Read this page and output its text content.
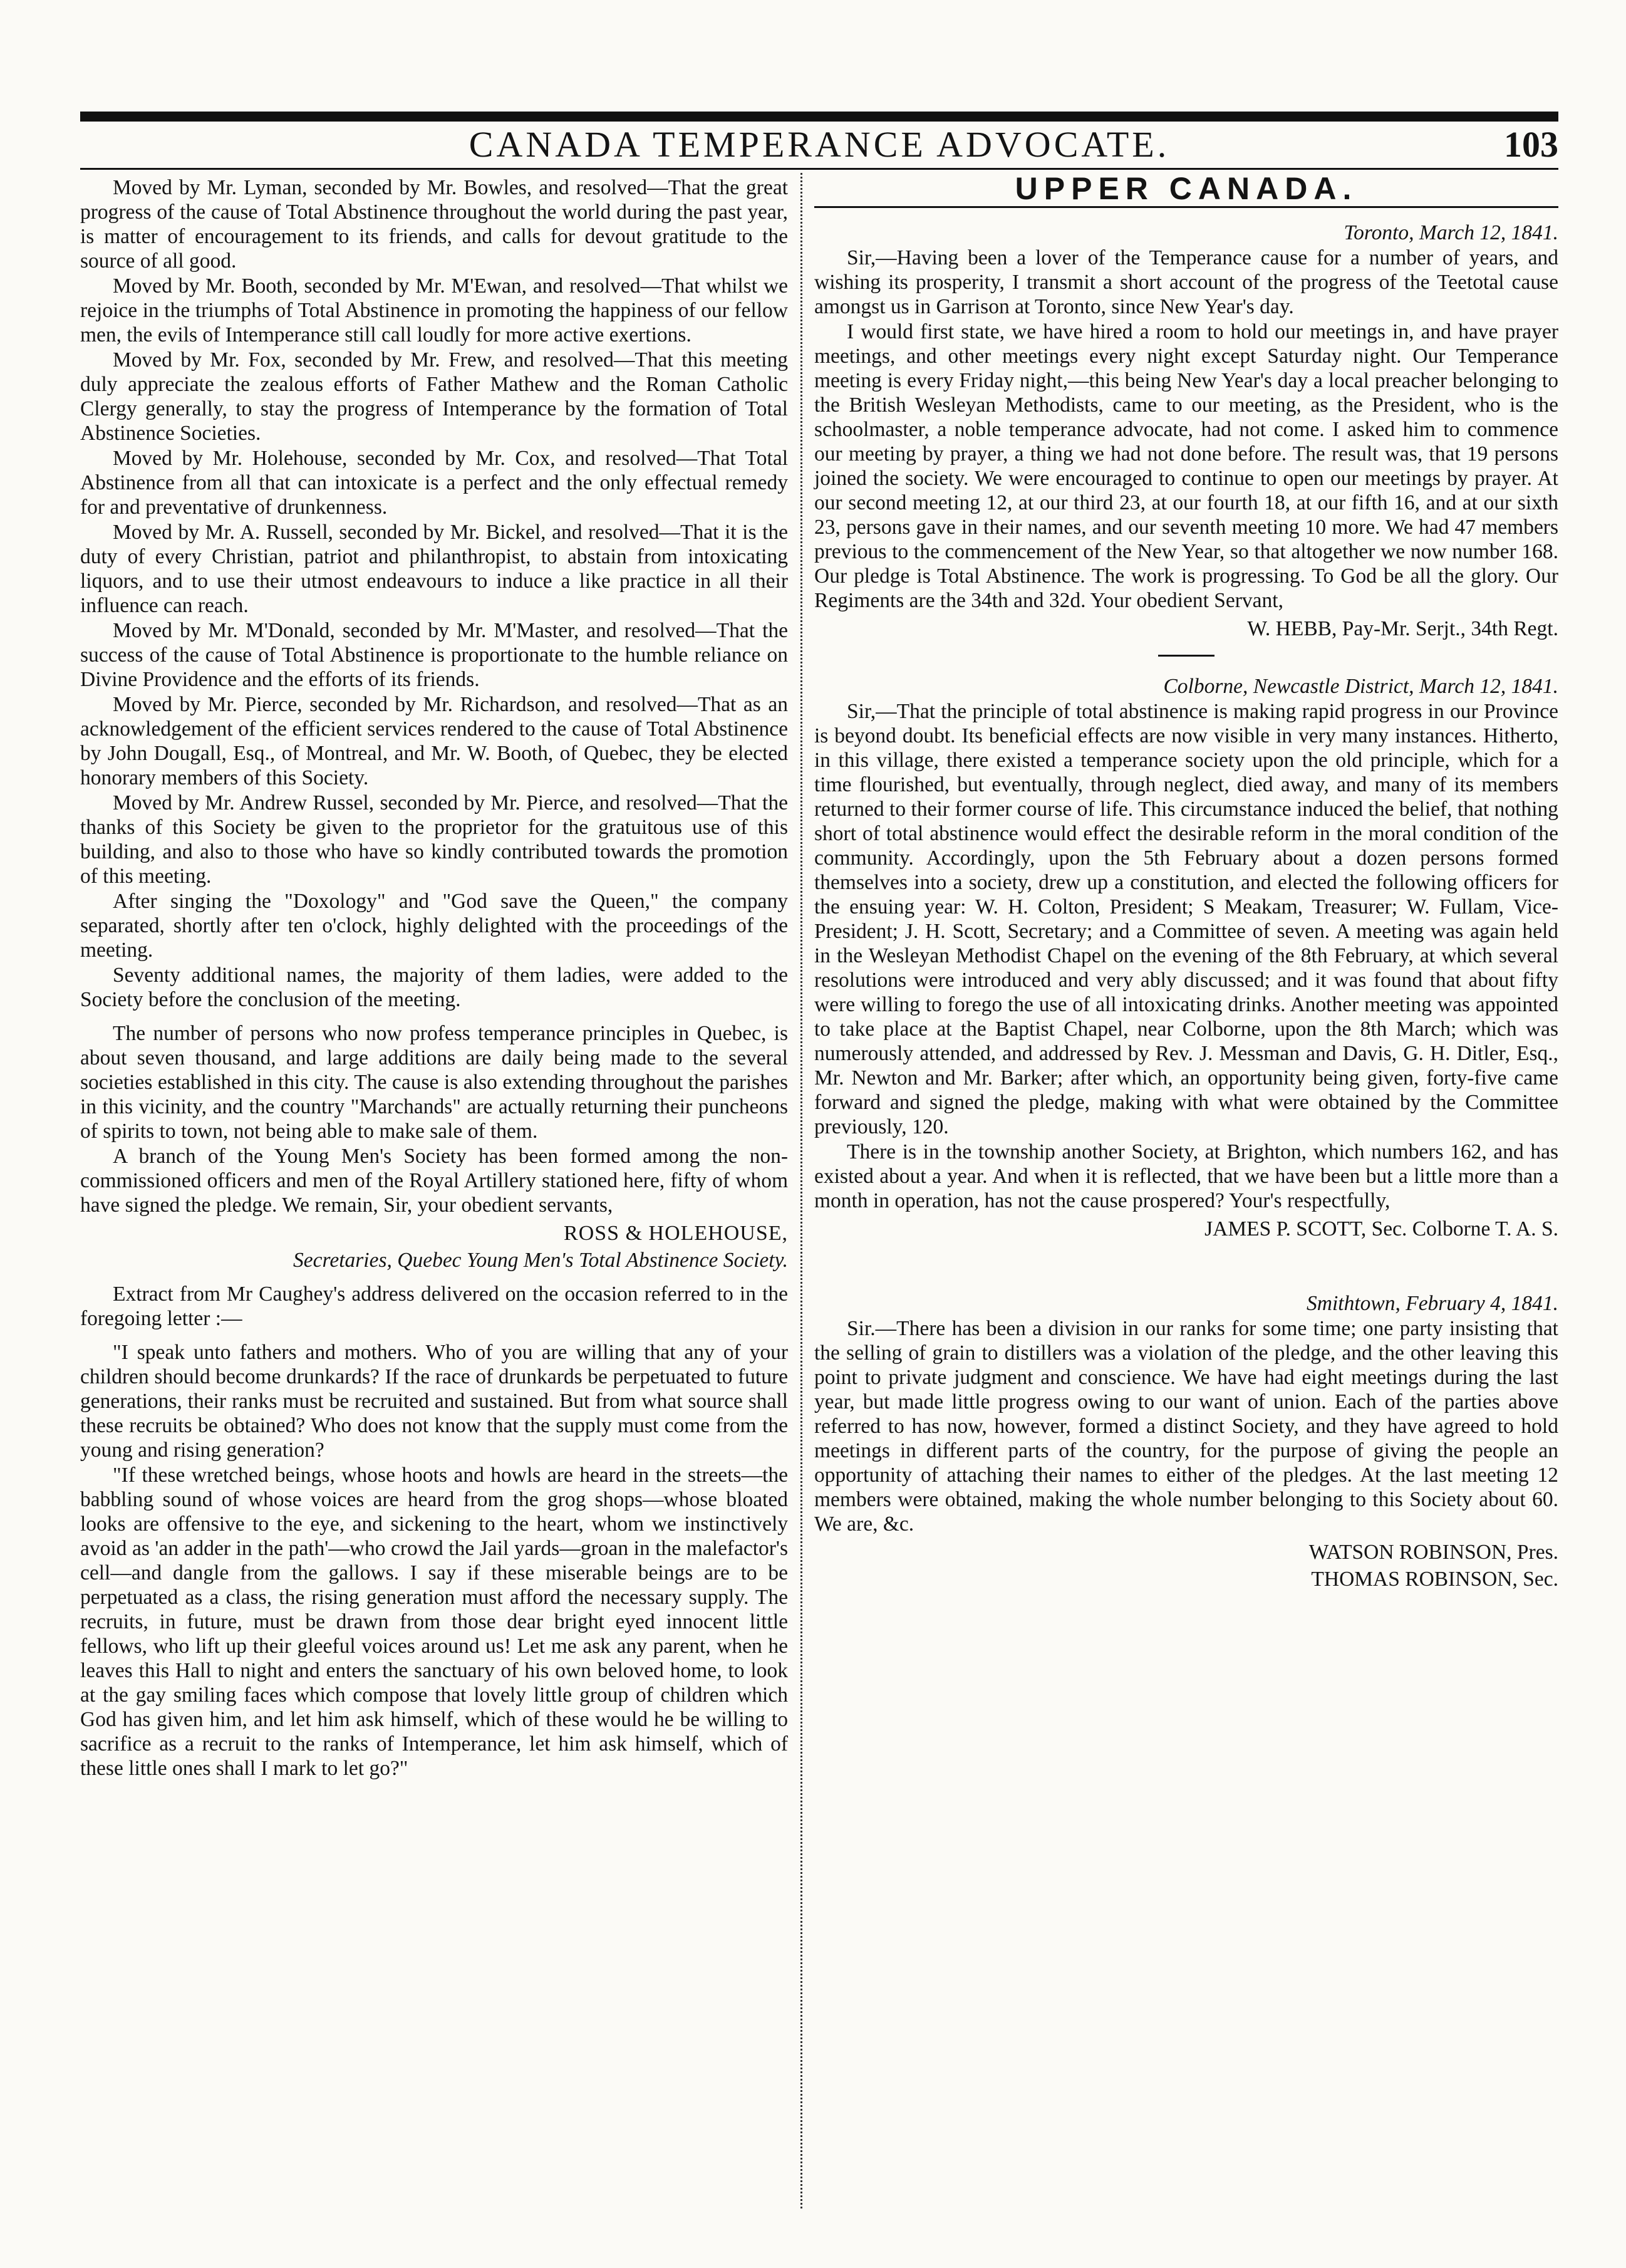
CANADA TEMPERANCE ADVOCATE.	103

Moved by Mr. Lyman, seconded by Mr. Bowles, and resolved—That the great progress of the cause of Total Abstinence throughout the world during the past year, is matter of encouragement to its friends, and calls for devout gratitude to the source of all good.

Moved by Mr. Booth, seconded by Mr. M'Ewan, and resolved—That whilst we rejoice in the triumphs of Total Abstinence in promoting the happiness of our fellow men, the evils of Intemperance still call loudly for more active exertions.

Moved by Mr. Fox, seconded by Mr. Frew, and resolved—That this meeting duly appreciate the zealous efforts of Father Mathew and the Roman Catholic Clergy generally, to stay the progress of Intemperance by the formation of Total Abstinence Societies.

Moved by Mr. Holehouse, seconded by Mr. Cox, and resolved—That Total Abstinence from all that can intoxicate is a perfect and the only effectual remedy for and preventative of drunkenness.

Moved by Mr. A. Russell, seconded by Mr. Bickel, and resolved—That it is the duty of every Christian, patriot and philanthropist, to abstain from intoxicating liquors, and to use their utmost endeavours to induce a like practice in all their influence can reach.

Moved by Mr. M'Donald, seconded by Mr. M'Master, and resolved—That the success of the cause of Total Abstinence is proportionate to the humble reliance on Divine Providence and the efforts of its friends.

Moved by Mr. Pierce, seconded by Mr. Richardson, and resolved—That as an acknowledgement of the efficient services rendered to the cause of Total Abstinence by John Dougall, Esq., of Montreal, and Mr. W. Booth, of Quebec, they be elected honorary members of this Society.

Moved by Mr. Andrew Russel, seconded by Mr. Pierce, and resolved—That the thanks of this Society be given to the proprietor for the gratuitous use of this building, and also to those who have so kindly contributed towards the promotion of this meeting.

After singing the "Doxology" and "God save the Queen," the company separated, shortly after ten o'clock, highly delighted with the proceedings of the meeting.

Seventy additional names, the majority of them ladies, were added to the Society before the conclusion of the meeting.

The number of persons who now profess temperance principles in Quebec, is about seven thousand, and large additions are daily being made to the several societies established in this city. The cause is also extending throughout the parishes in this vicinity, and the country "Marchands" are actually returning their puncheons of spirits to town, not being able to make sale of them.

A branch of the Young Men's Society has been formed among the non-commissioned officers and men of the Royal Artillery stationed here, fifty of whom have signed the pledge. We remain, Sir, your obedient servants,

ROSS & HOLEHOUSE,

Secretaries, Quebec Young Men's Total Abstinence Society.

Extract from Mr Caughey's address delivered on the occasion referred to in the foregoing letter :—

"I speak unto fathers and mothers. Who of you are willing that any of your children should become drunkards? If the race of drunkards be perpetuated to future generations, their ranks must be recruited and sustained. But from what source shall these recruits be obtained? Who does not know that the supply must come from the young and rising generation?

"If these wretched beings, whose hoots and howls are heard in the streets—the babbling sound of whose voices are heard from the grog shops—whose bloated looks are offensive to the eye, and sickening to the heart, whom we instinctively avoid as 'an adder in the path'—who crowd the Jail yards—groan in the malefactor's cell—and dangle from the gallows. I say if these miserable beings are to be perpetuated as a class, the rising generation must afford the necessary supply. The recruits, in future, must be drawn from those dear bright eyed innocent little fellows, who lift up their gleeful voices around us! Let me ask any parent, when he leaves this Hall to night and enters the sanctuary of his own beloved home, to look at the gay smiling faces which compose that lovely little group of children which God has given him, and let him ask himself, which of these would he be willing to sacrifice as a recruit to the ranks of Intemperance, let him ask himself, which of these little ones shall I mark to let go?"

UPPER CANADA.

Toronto, March 12, 1841.

Sir,—Having been a lover of the Temperance cause for a number of years, and wishing its prosperity, I transmit a short account of the progress of the Teetotal cause amongst us in Garrison at Toronto, since New Year's day.

I would first state, we have hired a room to hold our meetings in, and have prayer meetings, and other meetings every night except Saturday night. Our Temperance meeting is every Friday night,—this being New Year's day a local preacher belonging to the British Wesleyan Methodists, came to our meeting, as the President, who is the schoolmaster, a noble temperance advocate, had not come. I asked him to commence our meeting by prayer, a thing we had not done before. The result was, that 19 persons joined the society. We were encouraged to continue to open our meetings by prayer. At our second meeting 12, at our third 23, at our fourth 18, at our fifth 16, and at our sixth 23, persons gave in their names, and our seventh meeting 10 more. We had 47 members previous to the commencement of the New Year, so that altogether we now number 168. Our pledge is Total Abstinence. The work is progressing. To God be all the glory. Our Regiments are the 34th and 32d. Your obedient Servant,

W. HEBB, Pay-Mr. Serjt., 34th Regt.

Colborne, Newcastle District, March 12, 1841.

Sir,—That the principle of total abstinence is making rapid progress in our Province is beyond doubt. Its beneficial effects are now visible in very many instances. Hitherto, in this village, there existed a temperance society upon the old principle, which for a time flourished, but eventually, through neglect, died away, and many of its members returned to their former course of life. This circumstance induced the belief, that nothing short of total abstinence would effect the desirable reform in the moral condition of the community. Accordingly, upon the 5th February about a dozen persons formed themselves into a society, drew up a constitution, and elected the following officers for the ensuing year: W. H. Colton, President; S Meakam, Treasurer; W. Fullam, Vice-President; J. H. Scott, Secretary; and a Committee of seven. A meeting was again held in the Wesleyan Methodist Chapel on the evening of the 8th February, at which several resolutions were introduced and very ably discussed; and it was found that about fifty were willing to forego the use of all intoxicating drinks. Another meeting was appointed to take place at the Baptist Chapel, near Colborne, upon the 8th March; which was numerously attended, and addressed by Rev. J. Messman and Davis, G. H. Ditler, Esq., Mr. Newton and Mr. Barker; after which, an opportunity being given, forty-five came forward and signed the pledge, making with what were obtained by the Committee previously, 120.

There is in the township another Society, at Brighton, which numbers 162, and has existed about a year. And when it is reflected, that we have been but a little more than a month in operation, has not the cause prospered? Your's respectfully,

JAMES P. SCOTT, Sec. Colborne T. A. S.

Smithtown, February 4, 1841.

Sir.—There has been a division in our ranks for some time; one party insisting that the selling of grain to distillers was a violation of the pledge, and the other leaving this point to private judgment and conscience. We have had eight meetings during the last year, but made little progress owing to our want of union. Each of the parties above referred to has now, however, formed a distinct Society, and they have agreed to hold meetings in different parts of the country, for the purpose of giving the people an opportunity of attaching their names to either of the pledges. At the last meeting 12 members were obtained, making the whole number belonging to this Society about 60. We are, &c.

WATSON ROBINSON, Pres.

THOMAS ROBINSON, Sec.
